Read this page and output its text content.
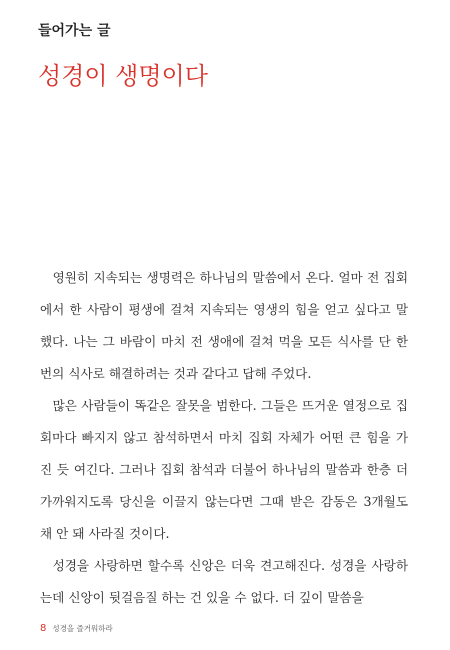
들어가는 글
성경이 생명이다

영원히 지속되는 생명력은 하나님의 말씀에서 온다. 얼마 전 집회에서 한 사람이 평생에 걸쳐 지속되는 영생의 힘을 얻고 싶다고 말했다. 나는 그 바람이 마치 전 생애에 걸쳐 먹을 모든 식사를 단 한 번의 식사로 해결하려는 것과 같다고 답해 주었다.

많은 사람들이 똑같은 잘못을 범한다. 그들은 뜨거운 열정으로 집회마다 빠지지 않고 참석하면서 마치 집회 자체가 어떤 큰 힘을 가진 듯 여긴다. 그러나 집회 참석과 더불어 하나님의 말씀과 한층 더 가까워지도록 당신을 이끌지 않는다면 그때 받은 감동은 3개월도 채 안 돼 사라질 것이다.

성경을 사랑하면 할수록 신앙은 더욱 견고해진다. 성경을 사랑하는데 신앙이 뒷걸음질 하는 건 있을 수 없다. 더 깊이 말씀을

8 성경을 즐거워하라
